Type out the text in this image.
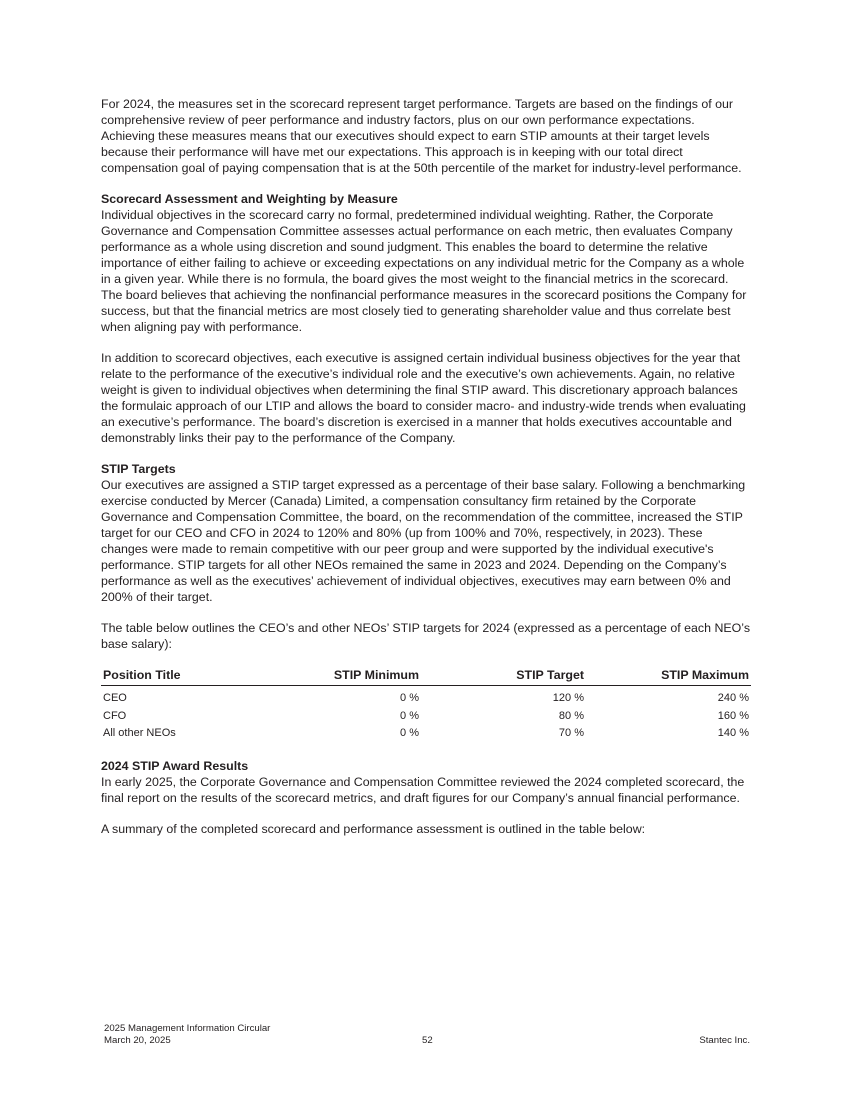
For 2024, the measures set in the scorecard represent target performance. Targets are based on the findings of our comprehensive review of peer performance and industry factors, plus on our own performance expectations. Achieving these measures means that our executives should expect to earn STIP amounts at their target levels because their performance will have met our expectations. This approach is in keeping with our total direct compensation goal of paying compensation that is at the 50th percentile of the market for industry-level performance.

Scorecard Assessment and Weighting by Measure

Individual objectives in the scorecard carry no formal, predetermined individual weighting. Rather, the Corporate Governance and Compensation Committee assesses actual performance on each metric, then evaluates Company performance as a whole using discretion and sound judgment. This enables the board to determine the relative importance of either failing to achieve or exceeding expectations on any individual metric for the Company as a whole in a given year. While there is no formula, the board gives the most weight to the financial metrics in the scorecard. The board believes that achieving the nonfinancial performance measures in the scorecard positions the Company for success, but that the financial metrics are most closely tied to generating shareholder value and thus correlate best when aligning pay with performance.

In addition to scorecard objectives, each executive is assigned certain individual business objectives for the year that relate to the performance of the executive’s individual role and the executive’s own achievements. Again, no relative weight is given to individual objectives when determining the final STIP award. This discretionary approach balances the formulaic approach of our LTIP and allows the board to consider macro- and industry-wide trends when evaluating an executive’s performance. The board’s discretion is exercised in a manner that holds executives accountable and demonstrably links their pay to the performance of the Company.

STIP Targets

Our executives are assigned a STIP target expressed as a percentage of their base salary. Following a benchmarking exercise conducted by Mercer (Canada) Limited, a compensation consultancy firm retained by the Corporate Governance and Compensation Committee, the board, on the recommendation of the committee, increased the STIP target for our CEO and CFO in 2024 to 120% and 80% (up from 100% and 70%, respectively, in 2023). These changes were made to remain competitive with our peer group and were supported by the individual executive's performance. STIP targets for all other NEOs remained the same in 2023 and 2024. Depending on the Company’s performance as well as the executives’ achievement of individual objectives, executives may earn between 0% and 200% of their target.

The table below outlines the CEO’s and other NEOs’ STIP targets for 2024 (expressed as a percentage of each NEO’s base salary):

Position Title	STIP Minimum	STIP Target	STIP Maximum
CEO	0 %	120 %	240 %
CFO	0 %	80 %	160 %
All other NEOs	0 %	70 %	140 %
2024 STIP Award Results

In early 2025, the Corporate Governance and Compensation Committee reviewed the 2024 completed scorecard, the final report on the results of the scorecard metrics, and draft figures for our Company’s annual financial performance.

A summary of the completed scorecard and performance assessment is outlined in the table below:

2025 Management Information Circular
March 20, 2025	52	Stantec Inc.
